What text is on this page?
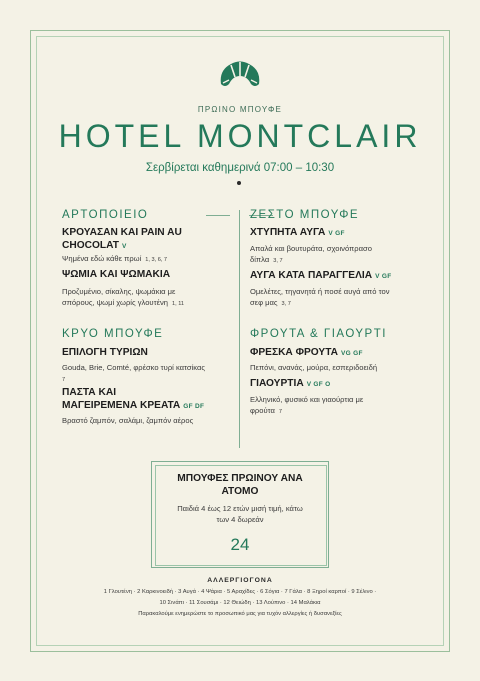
ΠΡΩΙΝΟ ΜΠΟΥΦΕ
HOTEL MONTCLAIR
Σερβίρεται καθημερινά 07:00 – 10:30
ΑΡΤΟΠΟΙΕΙΟ
ΚΡΟΥΑΣΑΝ ΚΑΙ PAIN AU
CHOCOLAT V
Ψημένα εδώ κάθε πρωί 1, 3, 6, 7
ΨΩΜΙΑ ΚΑΙ ΨΩΜΑΚΙΑ
Προζυμένιο, σίκαλης, ψωμάκια με
σπόρους, ψωμί χωρίς γλουτένη 1, 11
ΖΕΣΤΟ ΜΠΟΥΦΕ
ΧΤΥΠΗΤΑ ΑΥΓΑ V GF
Απαλά και βουτυράτα, σχοινόπρασο
δίπλα 3, 7
ΑΥΓΑ ΚΑΤΑ ΠΑΡΑΓΓΕΛΙΑ V GF
Ομελέτες, τηγανητά ή ποσέ αυγά από τον
σεφ μας 3, 7
ΚΡΥΟ ΜΠΟΥΦΕ
ΕΠΙΛΟΓΗ ΤΥΡΙΩΝ
Gouda, Brie, Comté, φρέσκο τυρί κατσίκας
7
ΠΑΣΤΑ ΚΑΙ
ΜΑΓΕΙΡΕΜΕΝΑ ΚΡΕΑΤΑ GF DF
Βραστό ζαμπόν, σαλάμι, ζαμπόν αέρος
ΦΡΟΥΤΑ & ΓΙΑΟΥΡΤΙ
ΦΡΕΣΚΑ ΦΡΟΥΤΑ VG GF
Πεπόνι, ανανάς, μούρα, εσπεριδοειδή
ΓΙΑΟΥΡΤΙΑ V GF O
Ελληνικό, φυσικό και γιαούρτια με
φρούτα 7
ΜΠΟΥΦΕΣ ΠΡΩΙΝΟΥ ΑΝΑ
ΑΤΟΜΟ
Παιδιά 4 έως 12 ετών μισή τιμή, κάτω
των 4 δωρεάν
24
ΑΛΛΕΡΓΙΟΓΟΝΑ
1 Γλουτένη · 2 Καρκινοειδή · 3 Αυγά · 4 Ψάρια · 5 Αραχίδες · 6 Σόγια · 7 Γάλα · 8 Ξηροί καρποί · 9 Σέλινο ·
10 Σινάπι · 11 Σουσάμι · 12 Θειώδη · 13 Λούπινο · 14 Μαλάκια
Παρακαλούμε ενημερώστε το προσωπικό μας για τυχόν αλλεργίες ή δυσανεξίες
